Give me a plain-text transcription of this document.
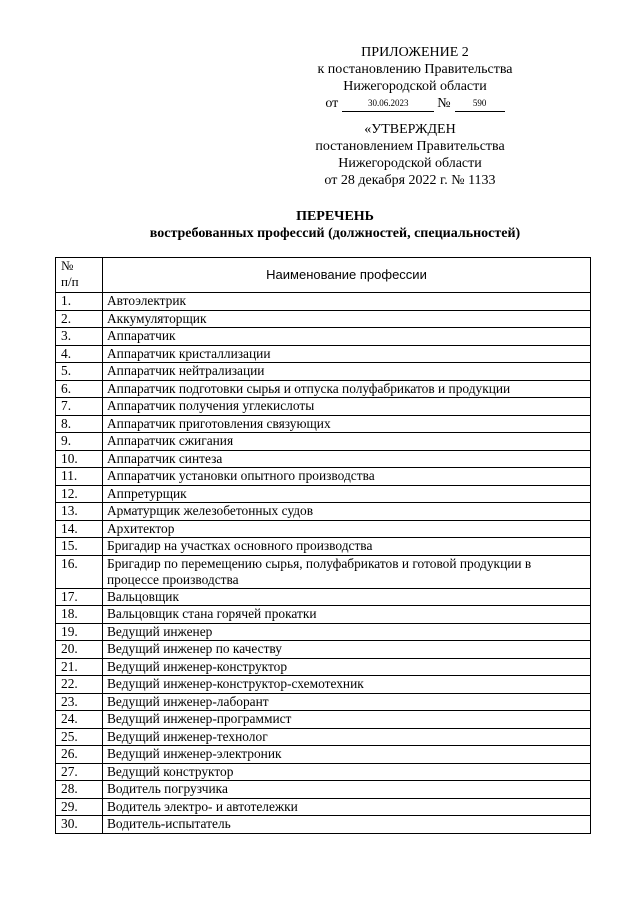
ПРИЛОЖЕНИЕ 2
к постановлению Правительства
Нижегородской области
от	30.06.2023	№	590
«УТВЕРЖДЕН
постановлением Правительства
Нижегородской области
от 28 декабря 2022 г. № 1133
ПЕРЕЧЕНЬ
востребованных профессий (должностей, специальностей)
№
п/п	Наименование профессии
1.	Автоэлектрик
2.	Аккумуляторщик
3.	Аппаратчик
4.	Аппаратчик кристаллизации
5.	Аппаратчик нейтрализации
6.	Аппаратчик подготовки сырья и отпуска полуфабрикатов и продукции
7.	Аппаратчик получения углекислоты
8.	Аппаратчик приготовления связующих
9.	Аппаратчик сжигания
10.	Аппаратчик синтеза
11.	Аппаратчик установки опытного производства
12.	Аппретурщик
13.	Арматурщик железобетонных судов
14.	Архитектор
15.	Бригадир на участках основного производства
16.	Бригадир по перемещению сырья, полуфабрикатов и готовой продукции в процессе производства
17.	Вальцовщик
18.	Вальцовщик стана горячей прокатки
19.	Ведущий инженер
20.	Ведущий инженер по качеству
21.	Ведущий инженер-конструктор
22.	Ведущий инженер-конструктор-схемотехник
23.	Ведущий инженер-лаборант
24.	Ведущий инженер-программист
25.	Ведущий инженер-технолог
26.	Ведущий инженер-электроник
27.	Ведущий конструктор
28.	Водитель погрузчика
29.	Водитель электро- и автотележки
30.	Водитель-испытатель
